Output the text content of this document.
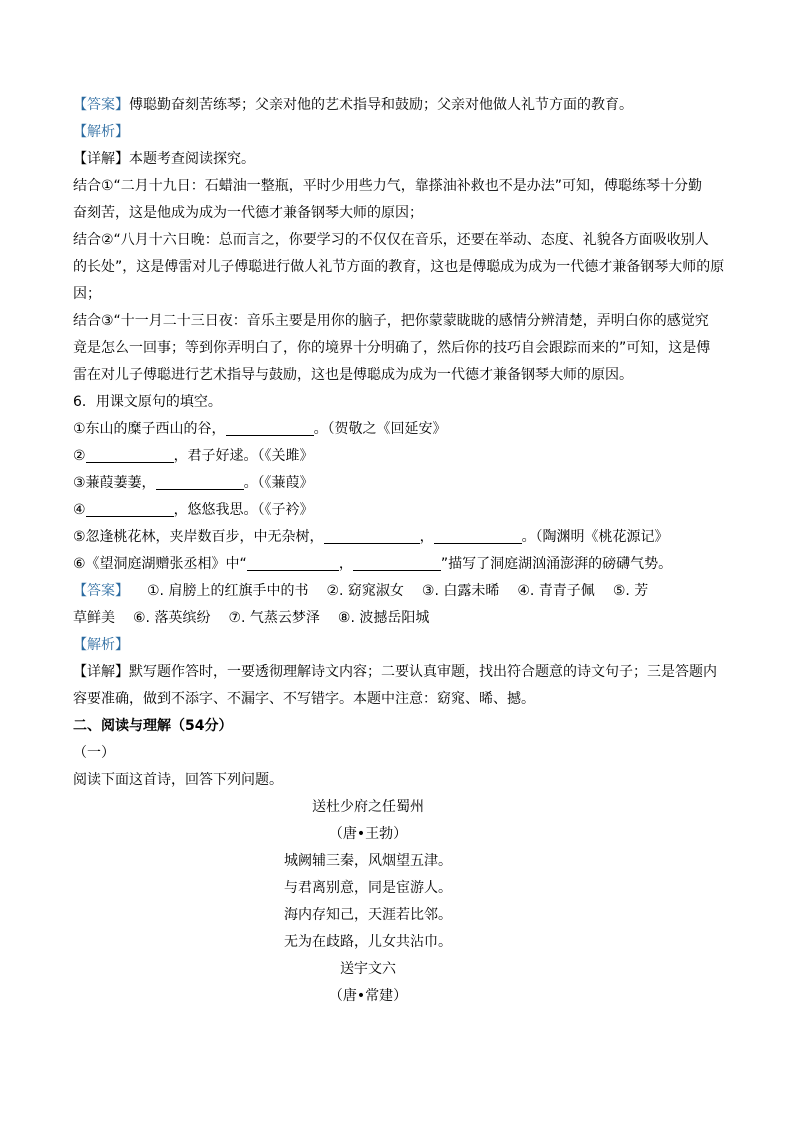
【答案】傅聪勤奋刻苦练琴；父亲对他的艺术指导和鼓励；父亲对他做人礼节方面的教育。
【解析】
【详解】本题考查阅读探究。
结合①“二月十九日：石蜡油一整瓶，平时少用些力气，靠搽油补救也不是办法”可知，傅聪练琴十分勤
奋刻苦，这是他成为成为一代德才兼备钢琴大师的原因；
结合②“八月十六日晚：总而言之，你要学习的不仅仅在音乐，还要在举动、态度、礼貌各方面吸收别人
的长处”，这是傅雷对儿子傅聪进行做人礼节方面的教育，这也是傅聪成为成为一代德才兼备钢琴大师的原
因；
结合③“十一月二十三日夜：音乐主要是用你的脑子，把你蒙蒙眬眬的感情分辨清楚，弄明白你的感觉究
竟是怎么一回事；等到你弄明白了，你的境界十分明确了，然后你的技巧自会跟踪而来的”可知，这是傅
雷在对儿子傅聪进行艺术指导与鼓励，这也是傅聪成为成为一代德才兼备钢琴大师的原因。
6．用课文原句的填空。
①东山的糜子西山的谷，	。（贺敬之《回延安》
②	，君子好逑。（《关雎》
③蒹葭萋萋，	。（《蒹葭》
④	，悠悠我思。（《子衿》
⑤忽逢桃花林，夹岸数百步，中无杂树，	，	。（陶渊明《桃花源记》
⑥《望洞庭湖赠张丞相》中“	，	”描写了洞庭湖汹涌澎湃的磅礴气势。
【答案】 ①. 肩膀上的红旗手中的书 ②. 窈窕淑女 ③. 白露未晞 ④. 青青子佩 ⑤. 芳
草鲜美 ⑥. 落英缤纷 ⑦. 气蒸云梦泽 ⑧. 波撼岳阳城
【解析】
【详解】默写题作答时，一要透彻理解诗文内容；二要认真审题，找出符合题意的诗文句子；三是答题内
容要准确，做到不添字、不漏字、不写错字。本题中注意：窈窕、晞、撼。
二、阅读与理解（54分）
（一）
阅读下面这首诗，回答下列问题。
送杜少府之任蜀州
（唐•王勃）
城阙辅三秦，风烟望五津。
与君离别意，同是宦游人。
海内存知己，天涯若比邻。
无为在歧路，儿女共沾巾。
送宇文六
（唐•常建）
